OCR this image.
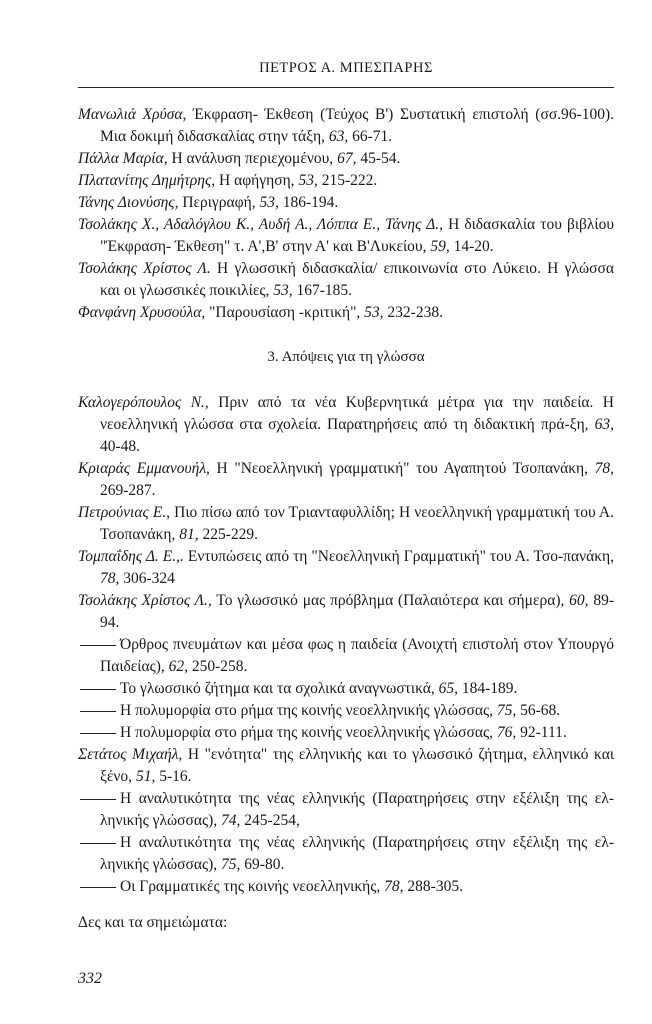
ΠΕΤΡΟΣ Α. ΜΠΕΣΠΑΡΗΣ

Μανωλιά Χρύσα, Έκφραση- Έκθεση (Τεύχος Β') Συστατική επιστολή (σσ.96-100). Μια δοκιμή διδασκαλίας στην τάξη, 63, 66-71.

Πάλλα Μαρία, Η ανάλυση περιεχομένου, 67, 45-54.

Πλατανίτης Δημήτρης, Η αφήγηση, 53, 215-222.

Τάνης Διονύσης, Περιγραφή, 53, 186-194.

Τσολάκης Χ., Αδαλόγλου Κ., Αυδή Α., Λόππα Ε., Τάνης Δ., Η διδασκαλία του βιβλίου "Έκφραση- Έκθεση" τ. Α',Β' στην Α' και Β'Λυκείου, 59, 14-20.

Τσολάκης Χρίστος Λ. Η γλωσσική διδασκαλία/ επικοινωνία στο Λύκειο. Η γλώσσα και οι γλωσσικές ποικιλίες, 53, 167-185.

Φανφάνη Χρυσούλα, "Παρουσίαση -κριτική", 53, 232-238.

3. Απόψεις για τη γλώσσα

Καλογερόπουλος Ν., Πριν από τα νέα Κυβερνητικά μέτρα για την παιδεία. Η νεοελληνική γλώσσα στα σχολεία. Παρατηρήσεις από τη διδακτική πρά-ξη, 63, 40-48.

Κριαράς Εμμανουήλ, Η "Νεοελληνική γραμματική" του Αγαπητού Τσοπανάκη, 78, 269-287.

Πετρούνιας Ε., Πιο πίσω από τον Τριανταφυλλίδη; Η νεοελληνική γραμματική του Α. Τσοπανάκη, 81, 225-229.

Τομπαΐδης Δ. Ε.,. Εντυπώσεις από τη "Νεοελληνική Γραμματική" του Α. Τσο-πανάκη, 78, 306-324

Τσολάκης Χρίστος Λ., Το γλωσσικό μας πρόβλημα (Παλαιότερα και σήμερα), 60, 89-94.

Όρθρος πνευμάτων και μέσα φως η παιδεία (Ανοιχτή επιστολή στον Υπουργό Παιδείας), 62, 250-258.

Το γλωσσικό ζήτημα και τα σχολικά αναγνωστικά, 65, 184-189.

Η πολυμορφία στο ρήμα της κοινής νεοελληνικής γλώσσας, 75, 56-68.

Η πολυμορφία στο ρήμα της κοινής νεοελληνικής γλώσσας, 76, 92-111.

Σετάτος Μιχαήλ, Η "ενότητα" της ελληνικής και το γλωσσικό ζήτημα, ελληνικό και ξένο, 51, 5-16.

Η αναλυτικότητα της νέας ελληνικής (Παρατηρήσεις στην εξέλιξη της ελ-ληνικής γλώσσας), 74, 245-254,

Η αναλυτικότητα της νέας ελληνικής (Παρατηρήσεις στην εξέλιξη της ελ-ληνικής γλώσσας), 75, 69-80.

Οι Γραμματικές της κοινής νεοελληνικής, 78, 288-305.

Δες και τα σημειώματα:
332
